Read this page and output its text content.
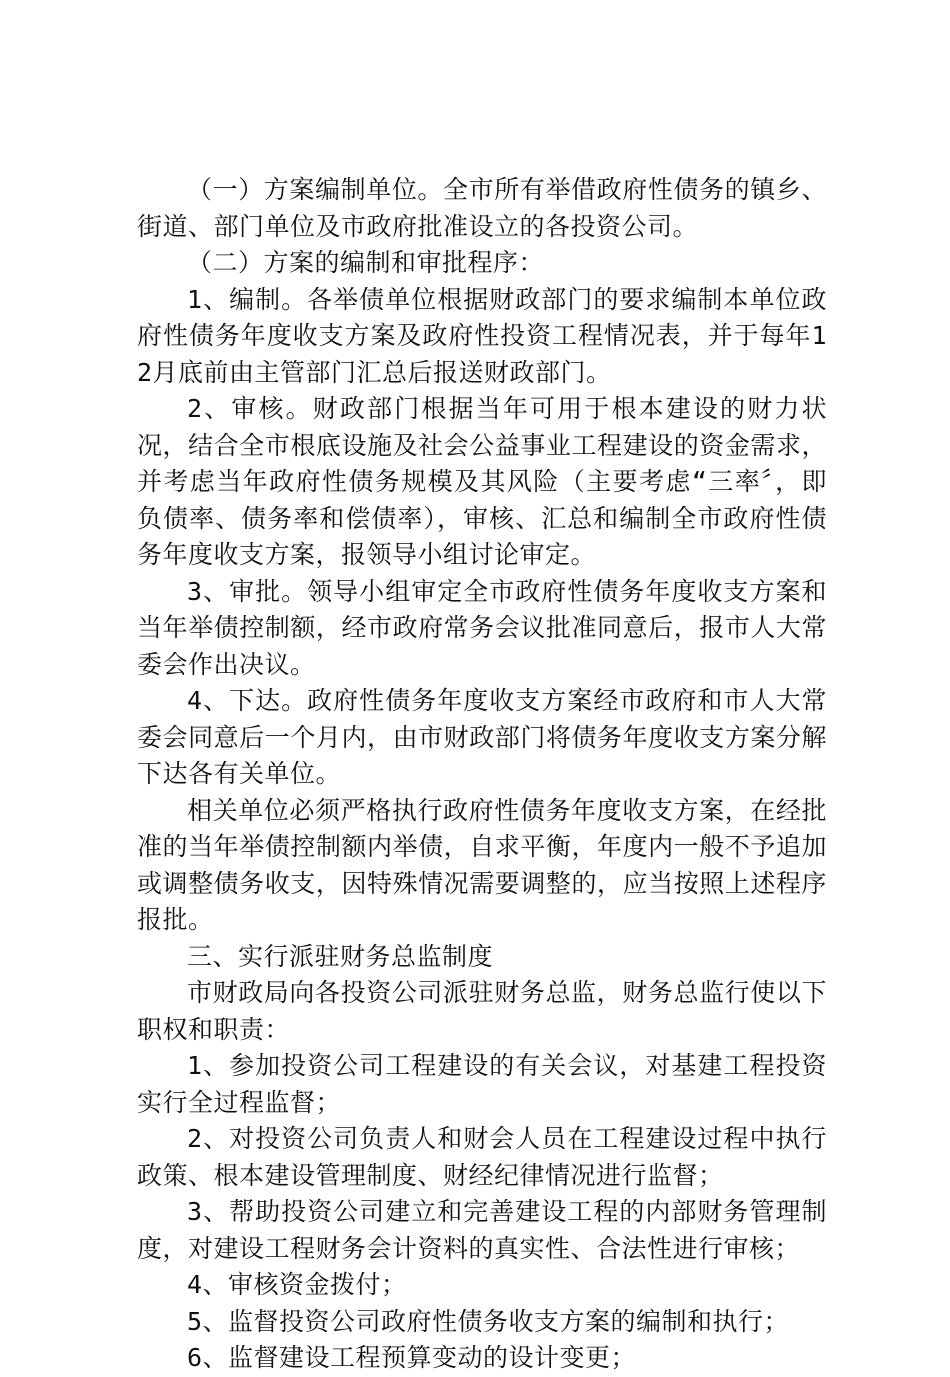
（一）方案编制单位。全市所有举借政府性债务的镇乡、街道、部门单位及市政府批准设立的各投资公司。

（二）方案的编制和审批程序：

1、编制。各举债单位根据财政部门的要求编制本单位政府性债务年度收支方案及政府性投资工程情况表，并于每年12月底前由主管部门汇总后报送财政部门。

2、审核。财政部门根据当年可用于根本建设的财力状况，结合全市根底设施及社会公益事业工程建设的资金需求，并考虑当年政府性债务规模及其风险（主要考虑“三率〞，即负债率、债务率和偿债率），审核、汇总和编制全市政府性债务年度收支方案，报领导小组讨论审定。

3、审批。领导小组审定全市政府性债务年度收支方案和当年举债控制额，经市政府常务会议批准同意后，报市人大常委会作出决议。

4、下达。政府性债务年度收支方案经市政府和市人大常委会同意后一个月内，由市财政部门将债务年度收支方案分解下达各有关单位。

相关单位必须严格执行政府性债务年度收支方案，在经批准的当年举债控制额内举债，自求平衡，年度内一般不予追加或调整债务收支，因特殊情况需要调整的，应当按照上述程序报批。

三、实行派驻财务总监制度

市财政局向各投资公司派驻财务总监，财务总监行使以下职权和职责：

1、参加投资公司工程建设的有关会议，对基建工程投资实行全过程监督；

2、对投资公司负责人和财会人员在工程建设过程中执行政策、根本建设管理制度、财经纪律情况进行监督；

3、帮助投资公司建立和完善建设工程的内部财务管理制度，对建设工程财务会计资料的真实性、合法性进行审核；

4、审核资金拨付；

5、监督投资公司政府性债务收支方案的编制和执行；

6、监督建设工程预算变动的设计变更；
